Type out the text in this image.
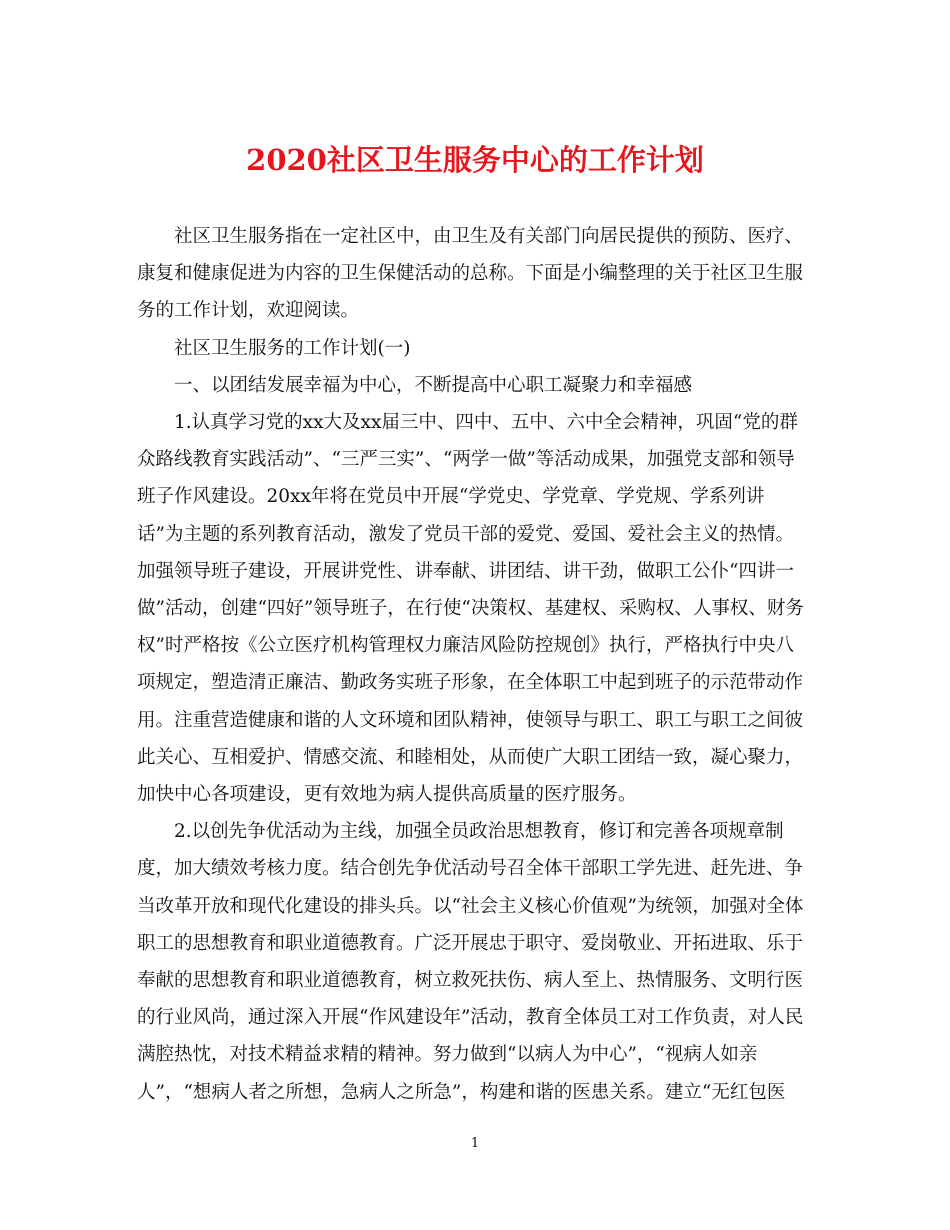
2020社区卫生服务中心的工作计划

社区卫生服务指在一定社区中，由卫生及有关部门向居民提供的预防、医疗、康复和健康促进为内容的卫生保健活动的总称。下面是小编整理的关于社区卫生服务的工作计划，欢迎阅读。

社区卫生服务的工作计划(一)

一、以团结发展幸福为中心，不断提高中心职工凝聚力和幸福感

1.认真学习党的xx大及xx届三中、四中、五中、六中全会精神，巩固“党的群众路线教育实践活动”、“三严三实”、“两学一做”等活动成果，加强党支部和领导班子作风建设。20xx年将在党员中开展“学党史、学党章、学党规、学系列讲话”为主题的系列教育活动，激发了党员干部的爱党、爱国、爱社会主义的热情。加强领导班子建设，开展讲党性、讲奉献、讲团结、讲干劲，做职工公仆“四讲一做”活动，创建“四好”领导班子，在行使“决策权、基建权、采购权、人事权、财务权”时严格按《公立医疗机构管理权力廉洁风险防控规创》执行，严格执行中央八项规定，塑造清正廉洁、勤政务实班子形象，在全体职工中起到班子的示范带动作用。注重营造健康和谐的人文环境和团队精神，使领导与职工、职工与职工之间彼此关心、互相爱护、情感交流、和睦相处，从而使广大职工团结一致，凝心聚力，加快中心各项建设，更有效地为病人提供高质量的医疗服务。

2.以创先争优活动为主线，加强全员政治思想教育，修订和完善各项规章制度，加大绩效考核力度。结合创先争优活动号召全体干部职工学先进、赶先进、争当改革开放和现代化建设的排头兵。以“社会主义核心价值观”为统领，加强对全体职工的思想教育和职业道德教育。广泛开展忠于职守、爱岗敬业、开拓进取、乐于奉献的思想教育和职业道德教育，树立救死扶伤、病人至上、热情服务、文明行医的行业风尚，通过深入开展“作风建设年”活动，教育全体员工对工作负责，对人民满腔热忱，对技术精益求精的精神。努力做到“以病人为中心”，“视病人如亲人”，“想病人者之所想，急病人之所急”，构建和谐的医患关系。建立“无红包医

1
